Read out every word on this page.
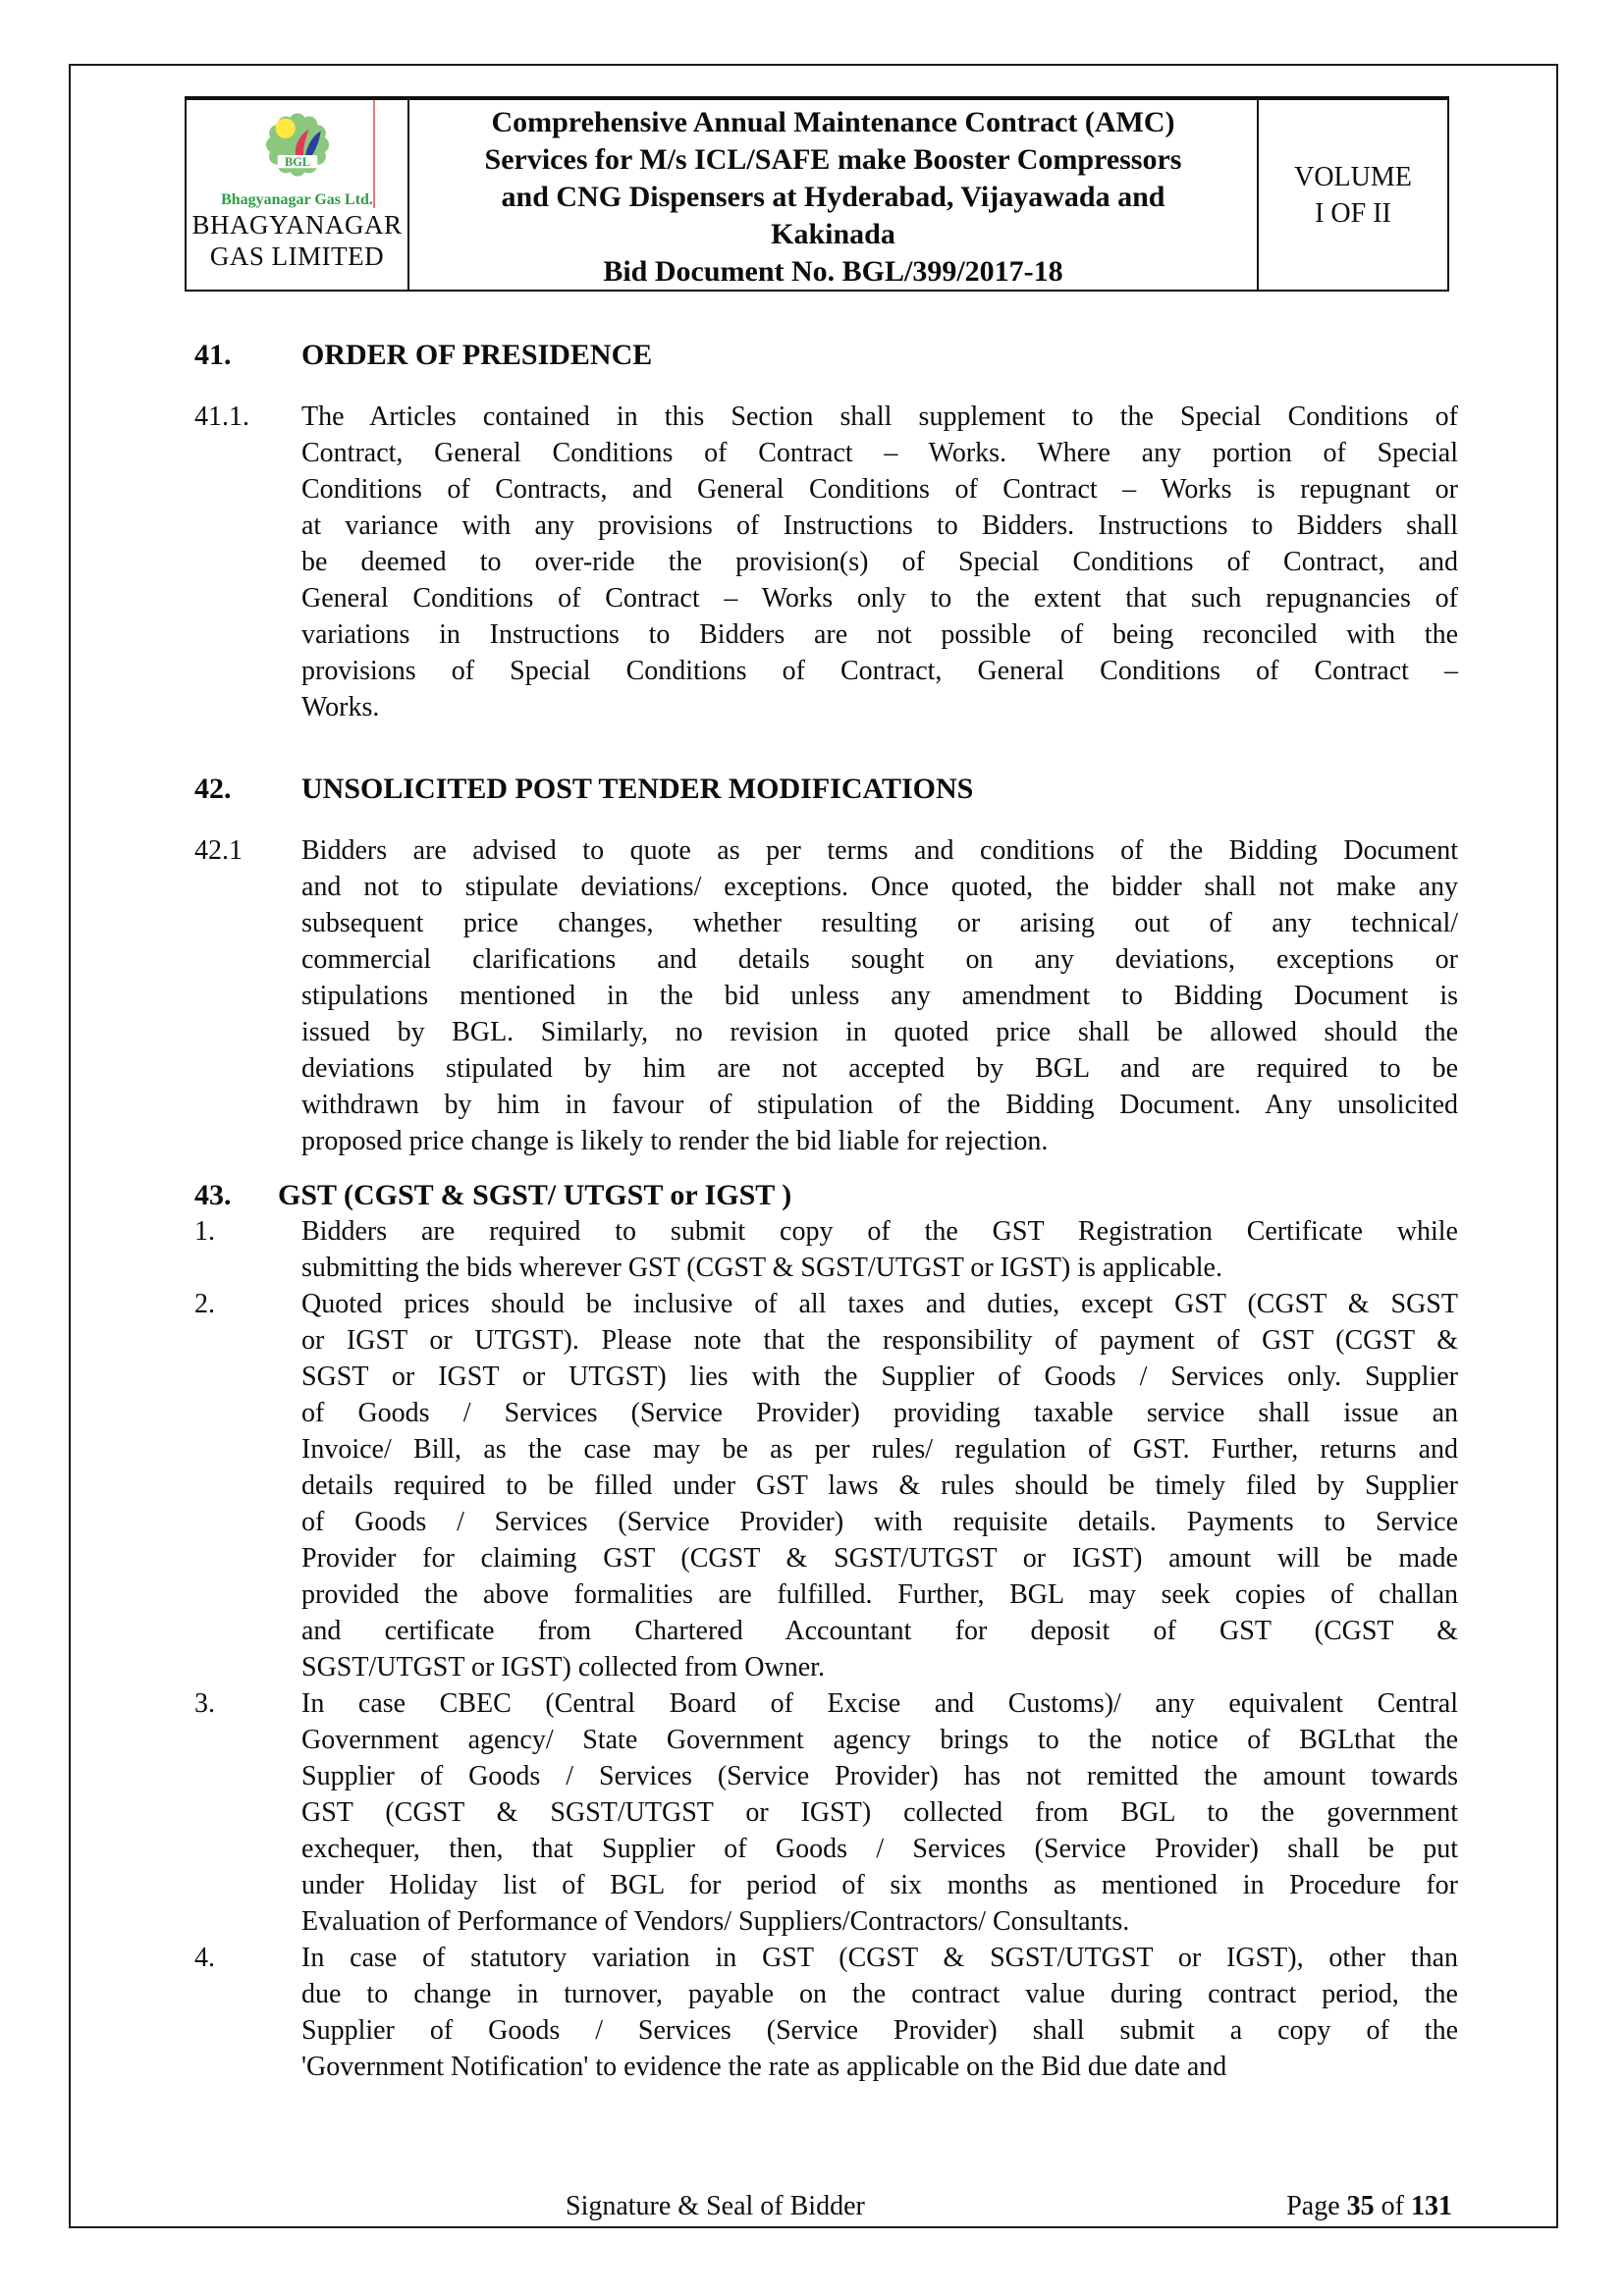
BGL
Bhagyanagar Gas Ltd.
BHAGYANAGAR
GAS LIMITED
Comprehensive Annual Maintenance Contract (AMC)
Services for M/s ICL/SAFE make Booster Compressors
and CNG Dispensers at Hyderabad, Vijayawada and
Kakinada
Bid Document No. BGL/399/2017-18
VOLUME
I OF II
41.	ORDER OF PRESIDENCE
41.1.	The Articles contained in this Section shall supplement to the Special Conditions of
Contract, General Conditions of Contract – Works. Where any portion of Special
Conditions of Contracts, and General Conditions of Contract – Works is repugnant or
at variance with any provisions of Instructions to Bidders. Instructions to Bidders shall
be deemed to over-ride the provision(s) of Special Conditions of Contract, and
General Conditions of Contract – Works only to the extent that such repugnancies of
variations in Instructions to Bidders are not possible of being reconciled with the
provisions of Special Conditions of Contract, General Conditions of Contract –
Works.
42.	UNSOLICITED POST TENDER MODIFICATIONS
42.1	Bidders are advised to quote as per terms and conditions of the Bidding Document
and not to stipulate deviations/ exceptions. Once quoted, the bidder shall not make any
subsequent price changes, whether resulting or arising out of any technical/
commercial clarifications and details sought on any deviations, exceptions or
stipulations mentioned in the bid unless any amendment to Bidding Document is
issued by BGL. Similarly, no revision in quoted price shall be allowed should the
deviations stipulated by him are not accepted by BGL and are required to be
withdrawn by him in favour of stipulation of the Bidding Document. Any unsolicited
proposed price change is likely to render the bid liable for rejection.
43.	GST (CGST & SGST/ UTGST or IGST )
1.	Bidders are required to submit copy of the GST Registration Certificate while
submitting the bids wherever GST (CGST & SGST/UTGST or IGST) is applicable.
2.	Quoted prices should be inclusive of all taxes and duties, except GST (CGST & SGST
or IGST or UTGST). Please note that the responsibility of payment of GST (CGST &
SGST or IGST or UTGST) lies with the Supplier of Goods / Services only. Supplier
of Goods / Services (Service Provider) providing taxable service shall issue an
Invoice/ Bill, as the case may be as per rules/ regulation of GST. Further, returns and
details required to be filled under GST laws & rules should be timely filed by Supplier
of Goods / Services (Service Provider) with requisite details. Payments to Service
Provider for claiming GST (CGST & SGST/UTGST or IGST) amount will be made
provided the above formalities are fulfilled. Further, BGL may seek copies of challan
and certificate from Chartered Accountant for deposit of GST (CGST &
SGST/UTGST or IGST) collected from Owner.
3.	In case CBEC (Central Board of Excise and Customs)/ any equivalent Central
Government agency/ State Government agency brings to the notice of BGLthat the
Supplier of Goods / Services (Service Provider) has not remitted the amount towards
GST (CGST & SGST/UTGST or IGST) collected from BGL to the government
exchequer, then, that Supplier of Goods / Services (Service Provider) shall be put
under Holiday list of BGL for period of six months as mentioned in Procedure for
Evaluation of Performance of Vendors/ Suppliers/Contractors/ Consultants.
4.	In case of statutory variation in GST (CGST & SGST/UTGST or IGST), other than
due to change in turnover, payable on the contract value during contract period, the
Supplier of Goods / Services (Service Provider) shall submit a copy of the
'Government Notification' to evidence the rate as applicable on the Bid due date and
Signature & Seal of Bidder	Page 35 of 131
